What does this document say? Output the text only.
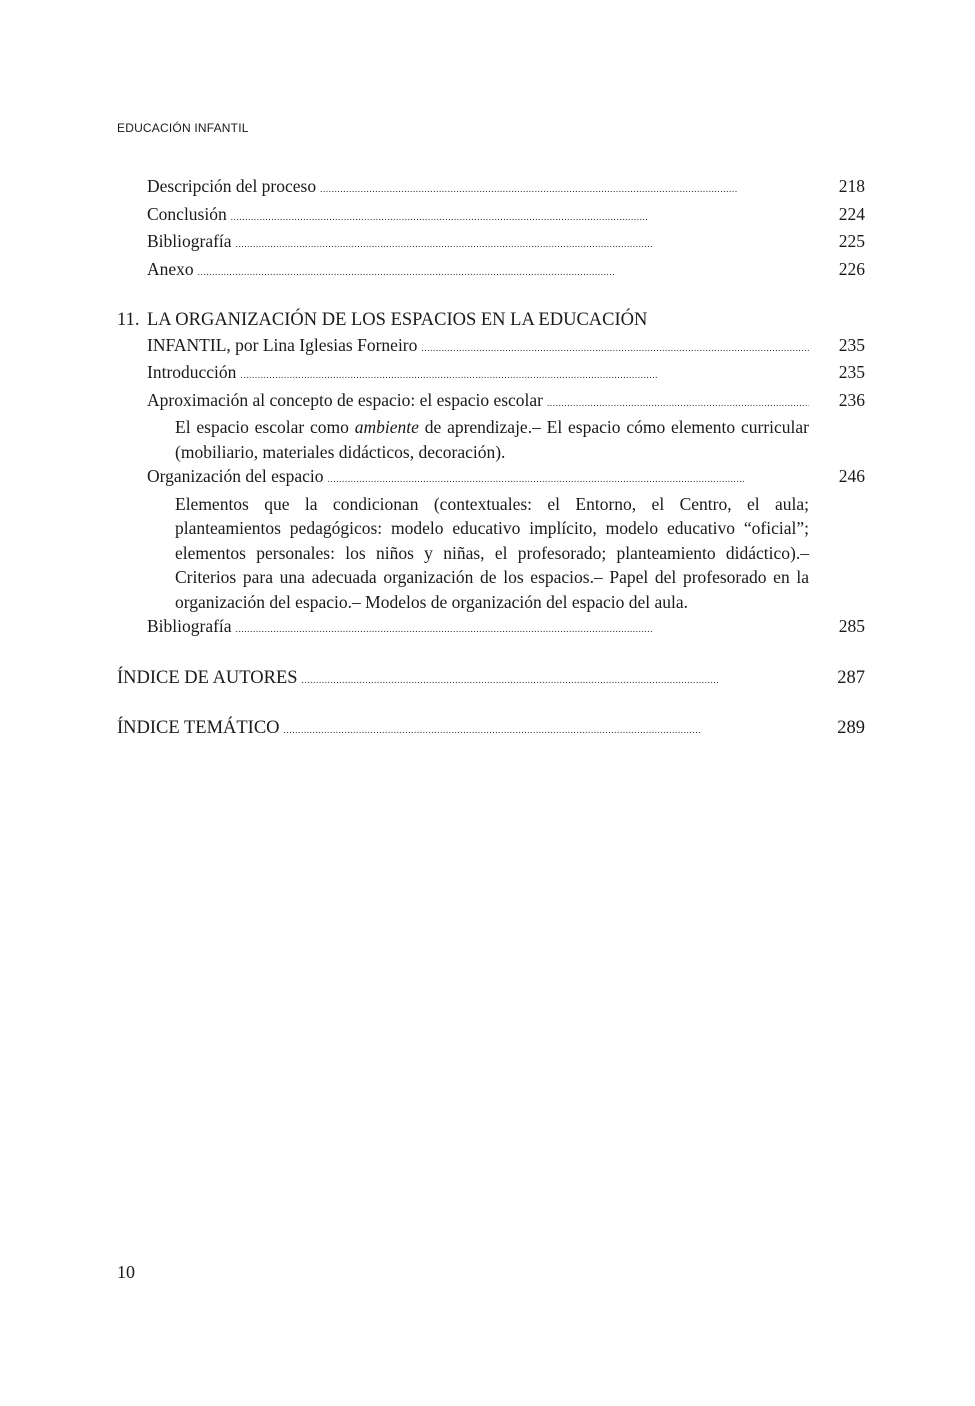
EDUCACIÓN INFANTIL
Descripción del proceso . . .	218
Conclusión . . .	224
Bibliografía . . .	225
Anexo . . .	226
11. LA ORGANIZACIÓN DE LOS ESPACIOS EN LA EDUCACIÓN
INFANTIL, por Lina Iglesias Forneiro . . .	235
Introducción . . .	235
Aproximación al concepto de espacio: el espacio escolar . . .	236
El espacio escolar como ambiente de aprendizaje.– El espacio cómo elemento curricular (mobiliario, materiales didácticos, decoración).
Organización del espacio . . .	246
Elementos que la condicionan (contextuales: el Entorno, el Centro, el aula; planteamientos pedagógicos: modelo educativo implícito, modelo educativo “oficial”; elementos personales: los niños y niñas, el profesorado; planteamiento didáctico).– Criterios para una adecuada organización de los espacios.– Papel del profesorado en la organización del espacio.– Modelos de organización del espacio del aula.
Bibliografía . . .	285
ÍNDICE DE AUTORES . . .	287
ÍNDICE TEMÁTICO . . .	289
10
